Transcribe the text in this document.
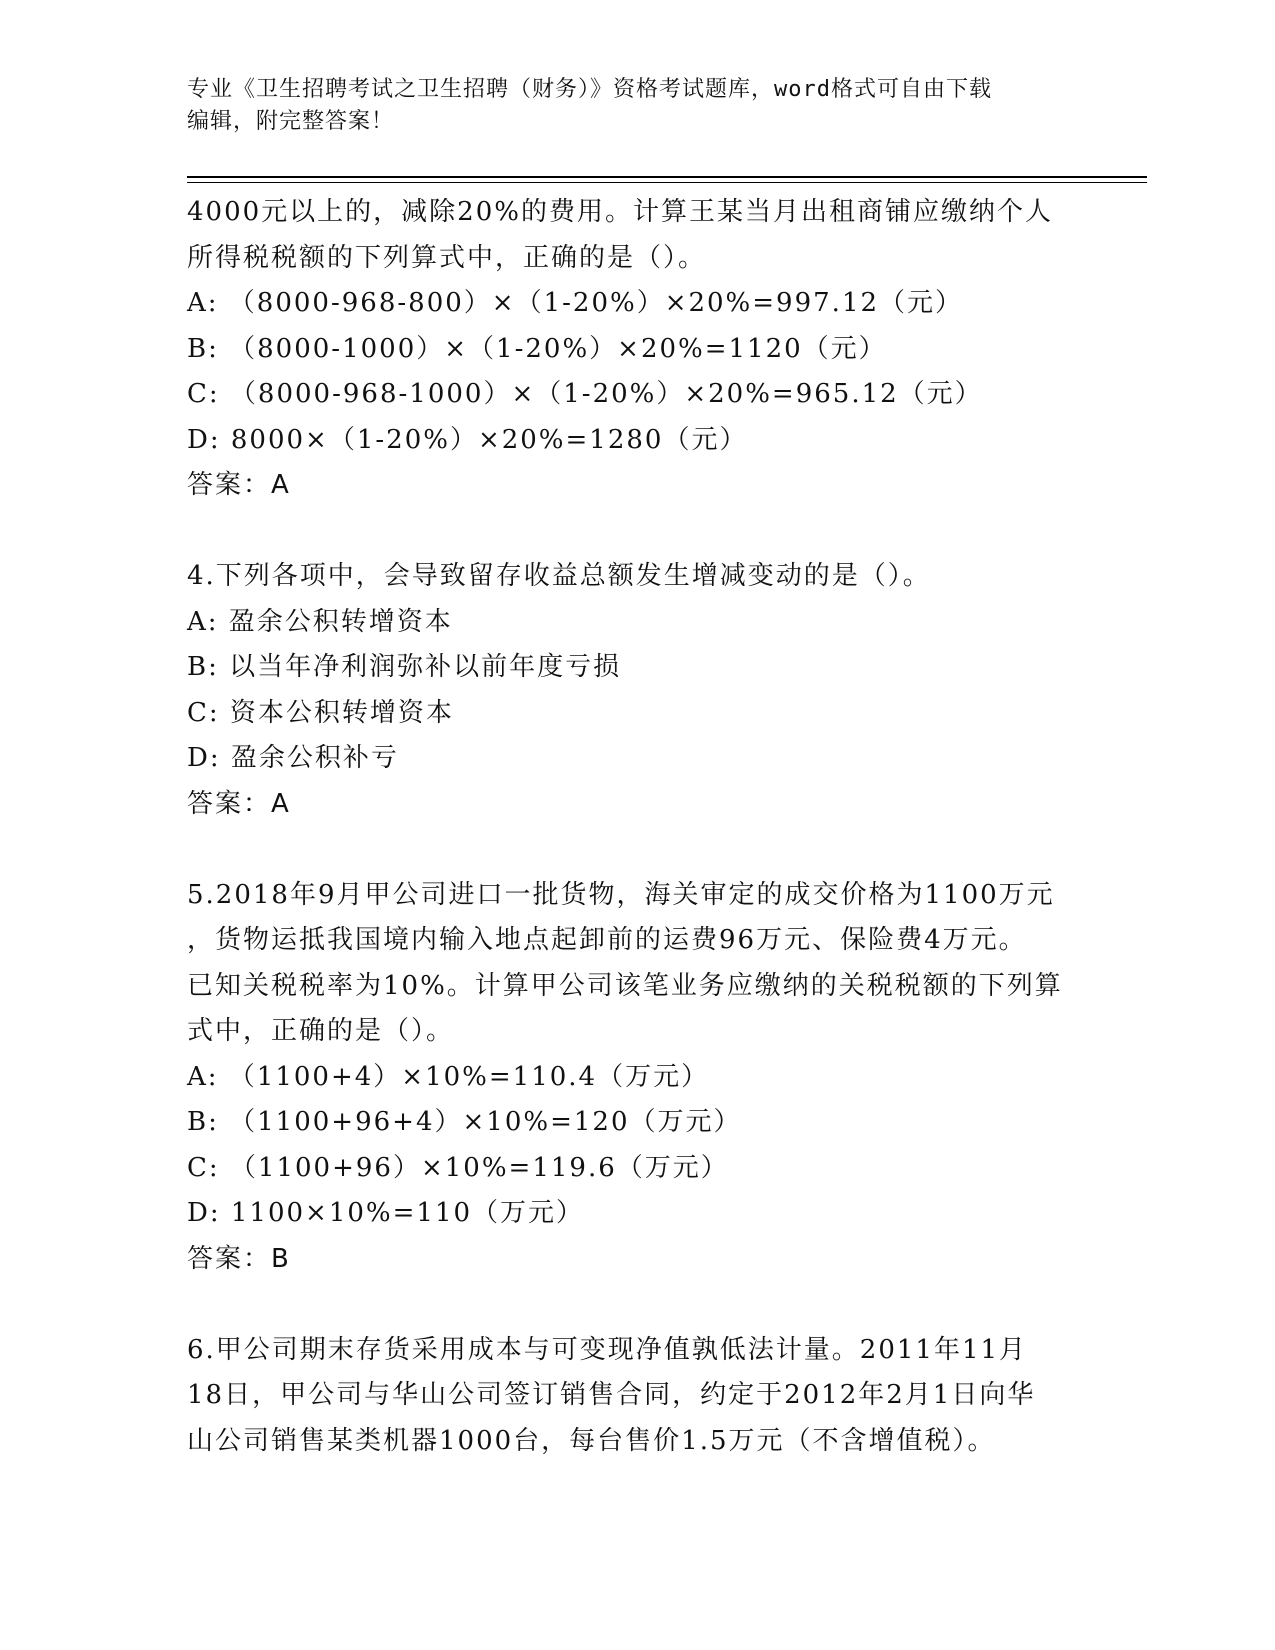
专业《卫生招聘考试之卫生招聘（财务）》资格考试题库，word格式可自由下载
编辑，附完整答案！
4000元以上的，减除20%的费用。计算王某当月出租商铺应缴纳个人
所得税税额的下列算式中，正确的是（）。
A: （8000-968-800）×（1-20%）×20%=997.12（元）
B: （8000-1000）×（1-20%）×20%=1120（元）
C: （8000-968-1000）×（1-20%）×20%=965.12（元）
D: 8000×（1-20%）×20%=1280（元）
答案：A
4.下列各项中，会导致留存收益总额发生增减变动的是（）。
A: 盈余公积转增资本
B: 以当年净利润弥补以前年度亏损
C: 资本公积转增资本
D: 盈余公积补亏
答案：A
5.2018年9月甲公司进口一批货物，海关审定的成交价格为1100万元
，货物运抵我国境内输入地点起卸前的运费96万元、保险费4万元。
已知关税税率为10%。计算甲公司该笔业务应缴纳的关税税额的下列算
式中，正确的是（）。
A: （1100+4）×10%=110.4（万元）
B: （1100+96+4）×10%=120（万元）
C: （1100+96）×10%=119.6（万元）
D: 1100×10%=110（万元）
答案：B
6.甲公司期末存货采用成本与可变现净值孰低法计量。2011年11月
18日，甲公司与华山公司签订销售合同，约定于2012年2月1日向华
山公司销售某类机器1000台，每台售价1.5万元（不含增值税）。
